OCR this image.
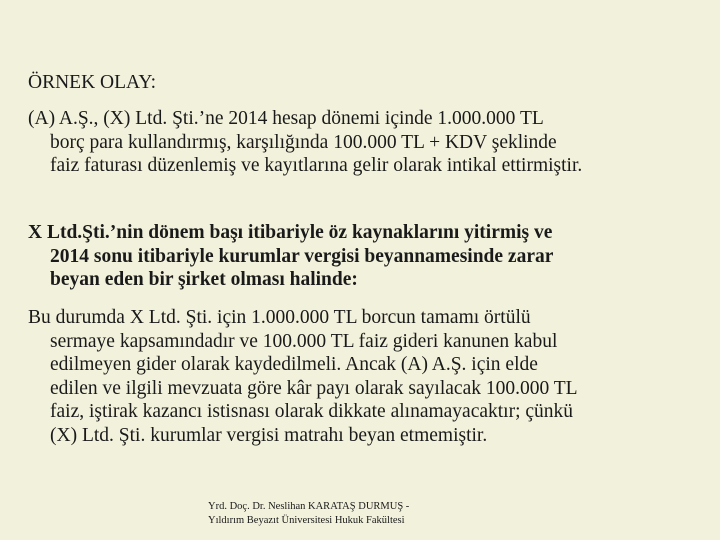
ÖRNEK OLAY:
(A) A.Ş., (X) Ltd. Şti.’ne 2014 hesap dönemi içinde 1.000.000 TL
borç para kullandırmış, karşılığında 100.000 TL + KDV şeklinde
faiz faturası düzenlemiş ve kayıtlarına gelir olarak intikal ettirmiştir.
X Ltd.Şti.’nin dönem başı itibariyle öz kaynaklarını yitirmiş ve
2014 sonu itibariyle kurumlar vergisi beyannamesinde zarar
beyan eden bir şirket olması halinde:
Bu durumda X Ltd. Şti. için 1.000.000 TL borcun tamamı örtülü
sermaye kapsamındadır ve 100.000 TL faiz gideri kanunen kabul
edilmeyen gider olarak kaydedilmeli. Ancak (A) A.Ş. için elde
edilen ve ilgili mevzuata göre kâr payı olarak sayılacak 100.000 TL
faiz, iştirak kazancı istisnası olarak dikkate alınamayacaktır; çünkü
(X) Ltd. Şti. kurumlar vergisi matrahı beyan etmemiştir.
Yrd. Doç. Dr. Neslihan KARATAŞ DURMUŞ -
Yıldırım Beyazıt Üniversitesi Hukuk Fakültesi
